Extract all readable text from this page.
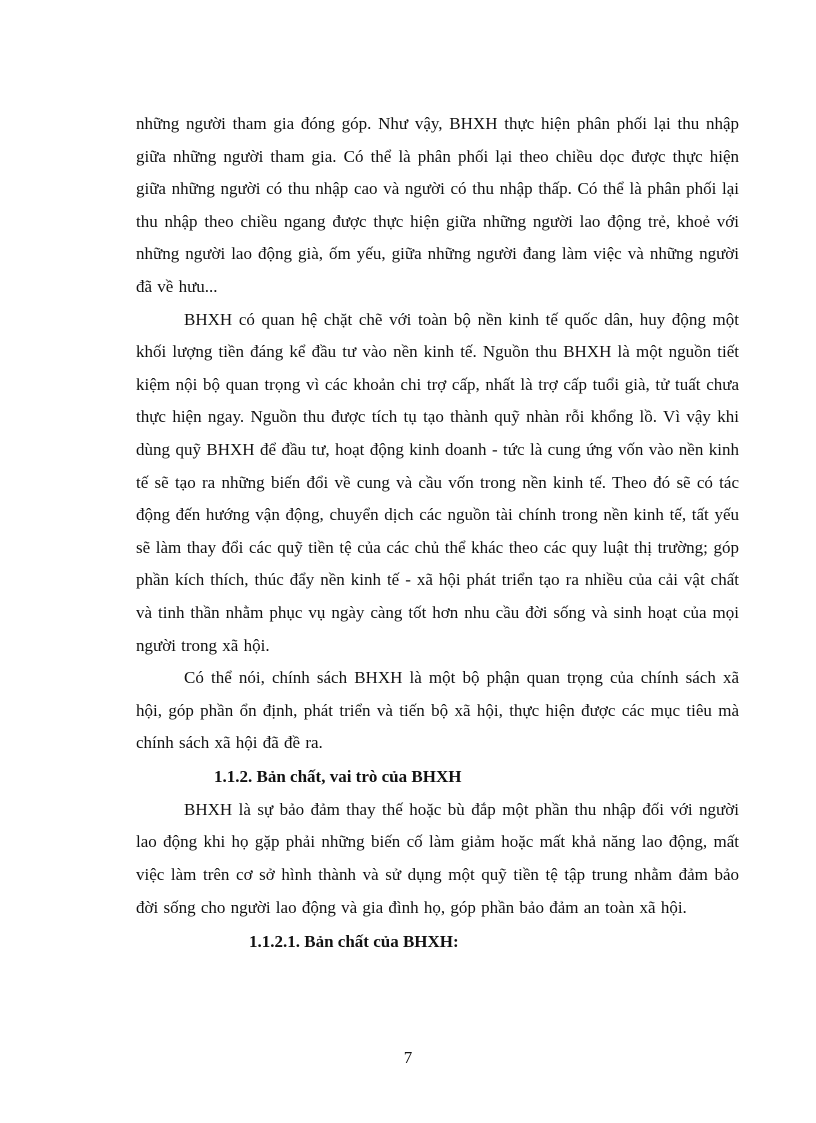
những người tham gia đóng góp. Như vậy, BHXH thực hiện phân phối lại thu nhập giữa những người tham gia. Có thể là phân phối lại theo chiều dọc được thực hiện giữa những người có thu nhập cao và người có thu nhập thấp. Có thể là phân phối lại thu nhập theo chiều ngang được thực hiện giữa những người lao động trẻ, khoẻ với những người lao động già, ốm yếu, giữa những người đang làm việc và những người đã về hưu...

BHXH có quan hệ chặt chẽ với toàn bộ nền kinh tế quốc dân, huy động một khối lượng tiền đáng kể đầu tư vào nền kinh tế. Nguồn thu BHXH là một nguồn tiết kiệm nội bộ quan trọng vì các khoản chi trợ cấp, nhất là trợ cấp tuổi già, tử tuất chưa thực hiện ngay. Nguồn thu được tích tụ tạo thành quỹ nhàn rỗi khổng lồ. Vì vậy khi dùng quỹ BHXH để đầu tư, hoạt động kinh doanh - tức là cung ứng vốn vào nền kinh tế sẽ tạo ra những biến đổi về cung và cầu vốn trong nền kinh tế. Theo đó sẽ có tác động đến hướng vận động, chuyển dịch các nguồn tài chính trong nền kinh tế, tất yếu sẽ làm thay đổi các quỹ tiền tệ của các chủ thể khác theo các quy luật thị trường; góp phần kích thích, thúc đẩy nền kinh tế - xã hội phát triển tạo ra nhiều của cải vật chất và tinh thần nhằm phục vụ ngày càng tốt hơn nhu cầu đời sống và sinh hoạt của mọi người trong xã hội.

Có thể nói, chính sách BHXH là một bộ phận quan trọng của chính sách xã hội, góp phần ổn định, phát triển và tiến bộ xã hội, thực hiện được các mục tiêu mà chính sách xã hội đã đề ra.

1.1.2. Bản chất, vai trò của BHXH

BHXH là sự bảo đảm thay thế hoặc bù đắp một phần thu nhập đối với người lao động khi họ gặp phải những biến cố làm giảm hoặc mất khả năng lao động, mất việc làm trên cơ sở hình thành và sử dụng một quỹ tiền tệ tập trung nhằm đảm bảo đời sống cho người lao động và gia đình họ, góp phần bảo đảm an toàn xã hội.

1.1.2.1. Bản chất của BHXH:
7
